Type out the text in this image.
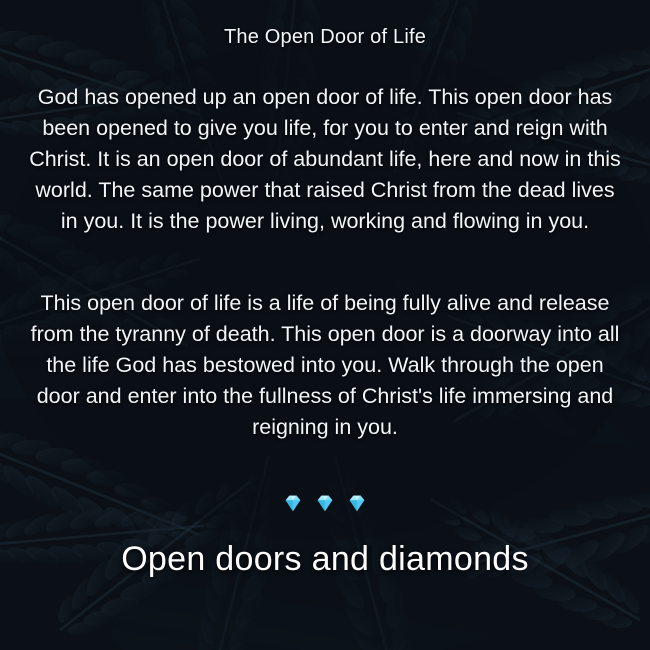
The Open Door of Life

God has opened up an open door of life. This open door has been opened to give you life, for you to enter and reign with Christ. It is an open door of abundant life, here and now in this world. The same power that raised Christ from the dead lives in you. It is the power living, working and flowing in you.

This open door of life is a life of being fully alive and release from the tyranny of death. This open door is a doorway into all the life God has bestowed into you. Walk through the open door and enter into the fullness of Christ's life immersing and reigning in you.

Open doors and diamonds
